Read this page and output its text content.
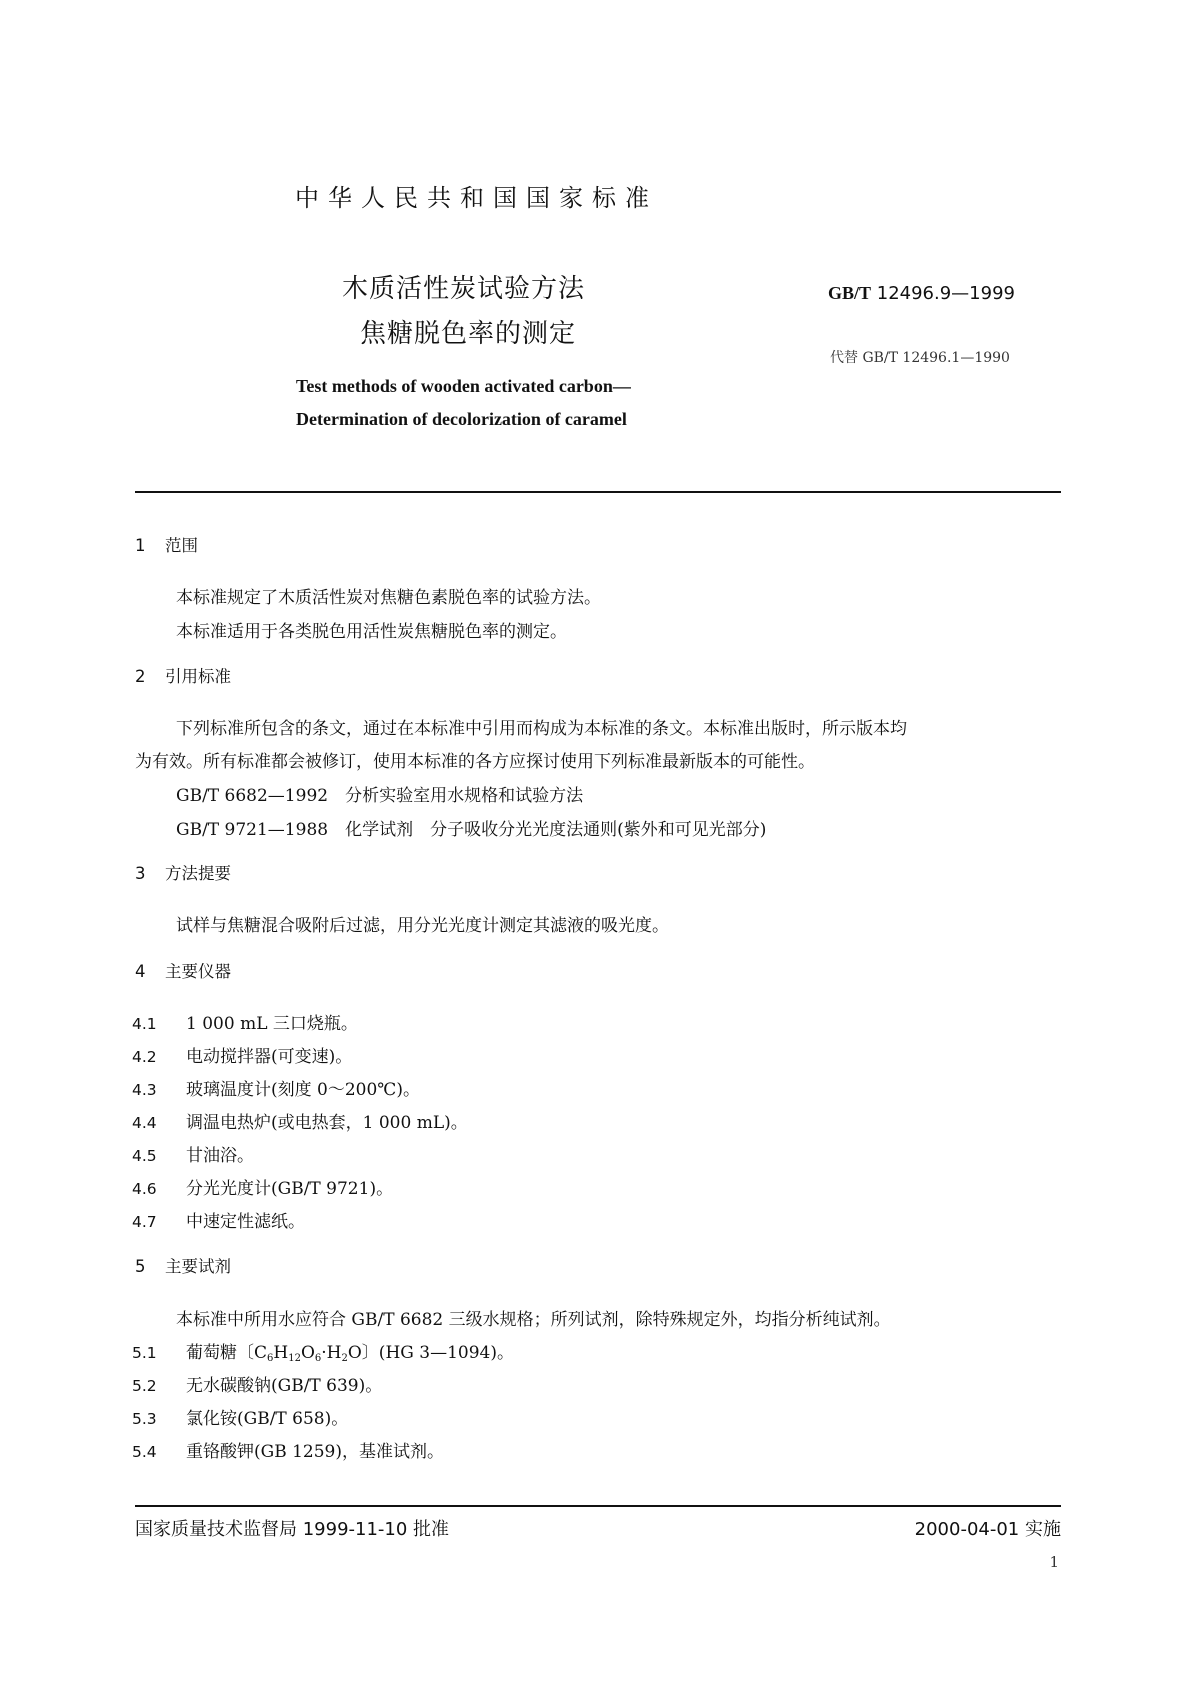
中华人民共和国国家标准
木质活性炭试验方法
焦糖脱色率的测定
Test methods of wooden activated carbon—
Determination of decolorization of caramel
GB/T 12496.9—1999
代替 GB/T 12496.1—1990
1 范围
本标准规定了木质活性炭对焦糖色素脱色率的试验方法。
本标准适用于各类脱色用活性炭焦糖脱色率的测定。
2 引用标准
下列标准所包含的条文，通过在本标准中引用而构成为本标准的条文。本标准出版时，所示版本均
为有效。所有标准都会被修订，使用本标准的各方应探讨使用下列标准最新版本的可能性。
GB/T 6682—1992　分析实验室用水规格和试验方法
GB/T 9721—1988　化学试剂　分子吸收分光光度法通则(紫外和可见光部分)
3 方法提要
试样与焦糖混合吸附后过滤，用分光光度计测定其滤液的吸光度。
4 主要仪器
4.1 1 000 mL 三口烧瓶。
4.2 电动搅拌器(可变速)。
4.3 玻璃温度计(刻度 0～200℃)。
4.4 调温电热炉(或电热套，1 000 mL)。
4.5 甘油浴。
4.6 分光光度计(GB/T 9721)。
4.7 中速定性滤纸。
5 主要试剂
本标准中所用水应符合 GB/T 6682 三级水规格；所列试剂，除特殊规定外，均指分析纯试剂。
5.1 葡萄糖〔$C_6H_{12}O_6\cdot H_2O$〕(HG 3—1094)。
5.2 无水碳酸钠(GB/T 639)。
5.3 氯化铵(GB/T 658)。
5.4 重铬酸钾(GB 1259)，基准试剂。
国家质量技术监督局 1999-11-10 批准	2000-04-01 实施
1
